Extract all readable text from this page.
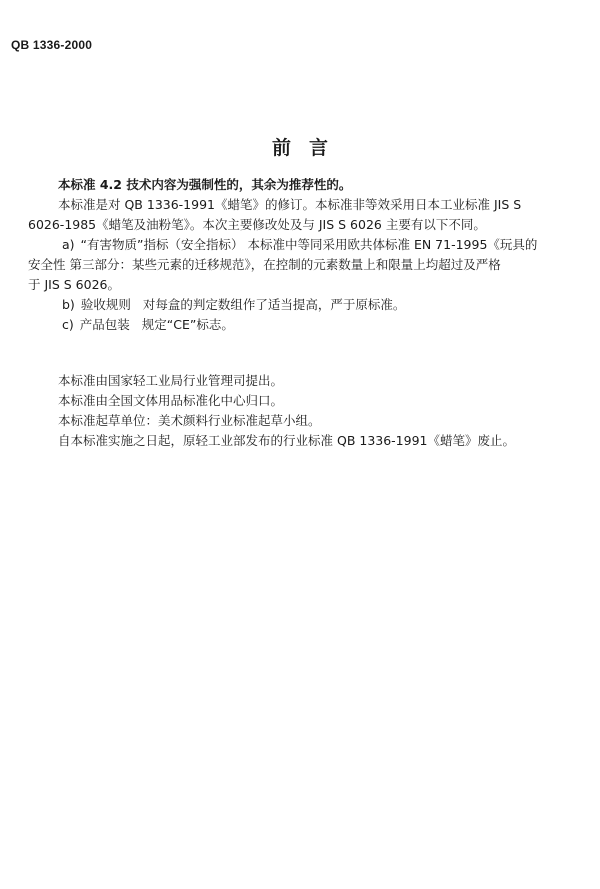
QB 1336-2000
前言

本标准 4.2 技术内容为强制性的，其余为推荐性的。

本标准是对 QB 1336-1991《蜡笔》的修订。本标准非等效采用日本工业标准 JIS S

6026-1985《蜡笔及油粉笔》。本次主要修改处及与 JIS S 6026 主要有以下不同。

a) “有害物质”指标（安全指标） 本标准中等同采用欧共体标准 EN 71-1995《玩具的

安全性 第三部分：某些元素的迁移规范》，在控制的元素数量上和限量上均超过及严格

于 JIS S 6026。

b) 验收规则 对每盒的判定数组作了适当提高，严于原标准。

c) 产品包装 规定“CE”标志。

本标准由国家轻工业局行业管理司提出。

本标准由全国文体用品标准化中心归口。

本标准起草单位：美术颜料行业标准起草小组。

自本标准实施之日起，原轻工业部发布的行业标准 QB 1336-1991《蜡笔》废止。
